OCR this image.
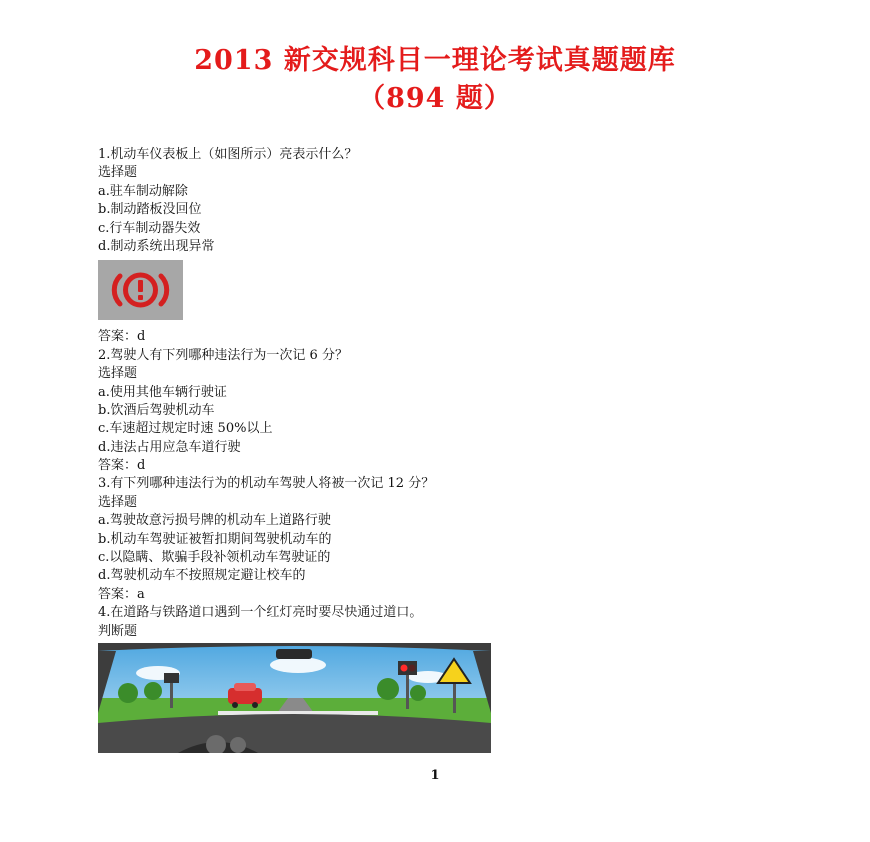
2013 新交规科目一理论考试真题题库
（894 题）
1.机动车仪表板上（如图所示）亮表示什么？
选择题
a.驻车制动解除
b.制动踏板没回位
c.行车制动器失效
d.制动系统出现异常
答案：d
2.驾驶人有下列哪种违法行为一次记 6 分？
选择题
a.使用其他车辆行驶证
b.饮酒后驾驶机动车
c.车速超过规定时速 50%以上
d.违法占用应急车道行驶
答案：d
3.有下列哪种违法行为的机动车驾驶人将被一次记 12 分？
选择题
a.驾驶故意污损号牌的机动车上道路行驶
b.机动车驾驶证被暂扣期间驾驶机动车的
c.以隐瞒、欺骗手段补领机动车驾驶证的
d.驾驶机动车不按照规定避让校车的
答案：a
4.在道路与铁路道口遇到一个红灯亮时要尽快通过道口。
判断题
1
